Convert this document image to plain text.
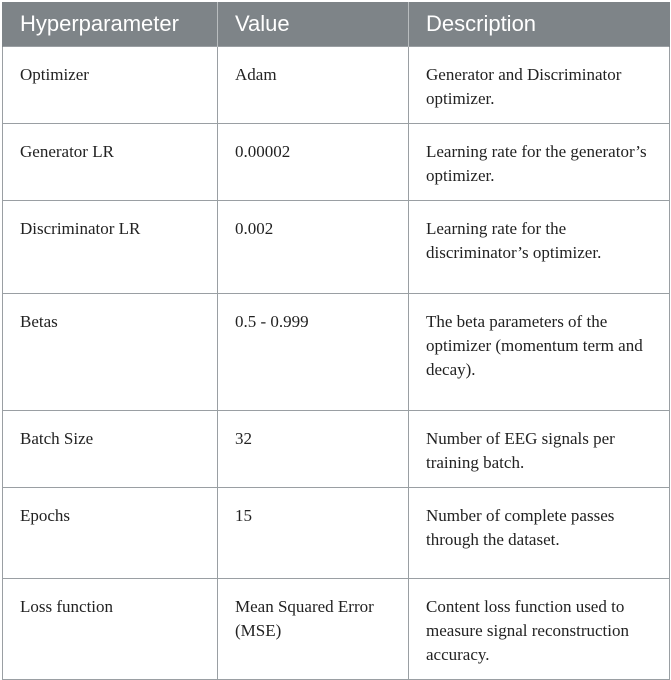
Hyperparameter	Value	Description
Optimizer	Adam	Generator and Discriminator optimizer.
Generator LR	0.00002	Learning rate for the generator’s optimizer.
Discriminator LR	0.002	Learning rate for the discriminator’s optimizer.
Betas	0.5 - 0.999	The beta parameters of the optimizer (momentum term and decay).
Batch Size	32	Number of EEG signals per training batch.
Epochs	15	Number of complete passes through the dataset.
Loss function	Mean Squared Error (MSE)	Content loss function used to measure signal reconstruction accuracy.
